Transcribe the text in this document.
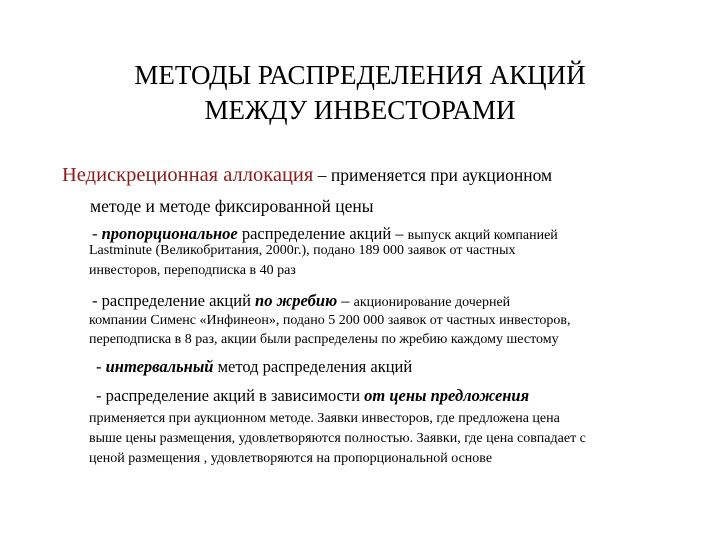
МЕТОДЫ РАСПРЕДЕЛЕНИЯ АКЦИЙ
МЕЖДУ ИНВЕСТОРАМИ
Недискреционная аллокация – применяется при аукционном
методе и методе фиксированной цены
- пропорциональное распределение акций – выпуск акций компанией
Lastminute (Великобритания, 2000г.), подано 189 000 заявок от частных
инвесторов, переподписка в 40 раз
- распределение акций по жребию – акционирование дочерней
компании Сименс «Инфинеон», подано 5 200 000 заявок от частных инвесторов,
переподписка в 8 раз, акции были распределены по жребию каждому шестому
- интервальный метод распределения акций
- распределение акций в зависимости от цены предложения
применяется при аукционном методе. Заявки инвесторов, где предложена цена
выше цены размещения, удовлетворяются полностью. Заявки, где цена совпадает с
ценой размещения , удовлетворяются на пропорциональной основе
